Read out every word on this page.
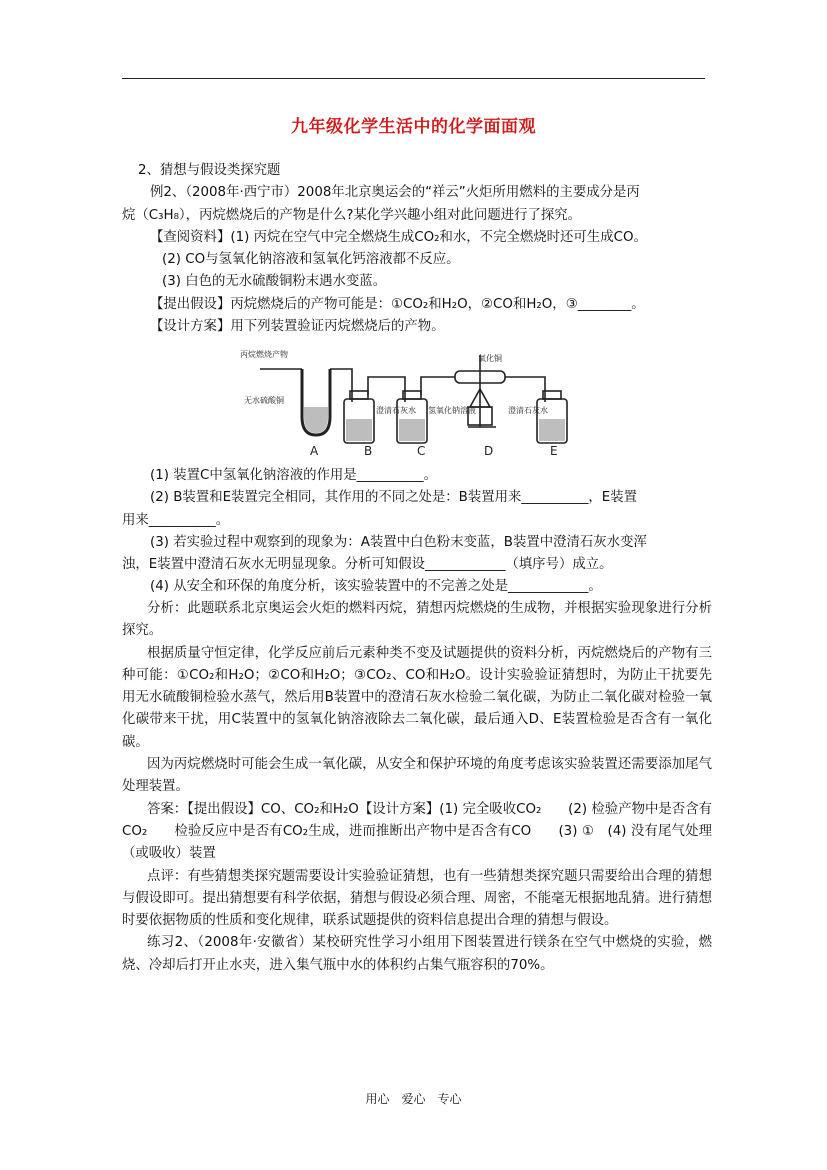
九年级化学生活中的化学面面观

2、猜想与假设类探究题

例2、（2008年·西宁市）2008年北京奥运会的“祥云”火炬所用燃料的主要成分是丙

烷（C₃H₈），丙烷燃烧后的产物是什么?某化学兴趣小组对此问题进行了探究。

【查阅资料】(1) 丙烷在空气中完全燃烧生成CO₂和水，不完全燃烧时还可生成CO。

(2) CO与氢氧化钠溶液和氢氧化钙溶液都不反应。

(3) 白色的无水硫酸铜粉末遇水变蓝。

【提出假设】丙烷燃烧后的产物可能是：①CO₂和H₂O，②CO和H₂O，③________。

【设计方案】用下列装置验证丙烷燃烧后的产物。

丙烷燃烧产物
无水硫酸铜
澄清石灰水 氢氧化钠溶液
氧化铜
澄清石灰水
A	B	C	D	E

(1) 装置C中氢氧化钠溶液的作用是__________。

(2) B装置和E装置完全相同，其作用的不同之处是：B装置用来__________，E装置

用来__________。

(3) 若实验过程中观察到的现象为：A装置中白色粉末变蓝，B装置中澄清石灰水变浑

浊，E装置中澄清石灰水无明显现象。分析可知假设____________（填序号）成立。

(4) 从安全和环保的角度分析，该实验装置中的不完善之处是____________。

分析：此题联系北京奥运会火炬的燃料丙烷，猜想丙烷燃烧的生成物，并根据实验现象进行分析探究。

根据质量守恒定律，化学反应前后元素种类不变及试题提供的资料分析，丙烷燃烧后的产物有三种可能：①CO₂和H₂O；②CO和H₂O；③CO₂、CO和H₂O。设计实验验证猜想时，为防止干扰要先用无水硫酸铜检验水蒸气，然后用B装置中的澄清石灰水检验二氧化碳，为防止二氧化碳对检验一氧化碳带来干扰，用C装置中的氢氧化钠溶液除去二氧化碳，最后通入D、E装置检验是否含有一氧化碳。

因为丙烷燃烧时可能会生成一氧化碳，从安全和保护环境的角度考虑该实验装置还需要添加尾气处理装置。

答案：【提出假设】CO、CO₂和H₂O【设计方案】(1) 完全吸收CO₂　　(2) 检验产物中是否含有CO₂　　检验反应中是否有CO₂生成，进而推断出产物中是否含有CO　　(3) ①　(4) 没有尾气处理（或吸收）装置

点评：有些猜想类探究题需要设计实验验证猜想，也有一些猜想类探究题只需要给出合理的猜想与假设即可。提出猜想要有科学依据，猜想与假设必须合理、周密，不能毫无根据地乱猜。进行猜想时要依据物质的性质和变化规律，联系试题提供的资料信息提出合理的猜想与假设。

练习2、（2008年·安徽省）某校研究性学习小组用下图装置进行镁条在空气中燃烧的实验，燃烧、冷却后打开止水夹，进入集气瓶中水的体积约占集气瓶容积的70%。

用心　爱心　专心
